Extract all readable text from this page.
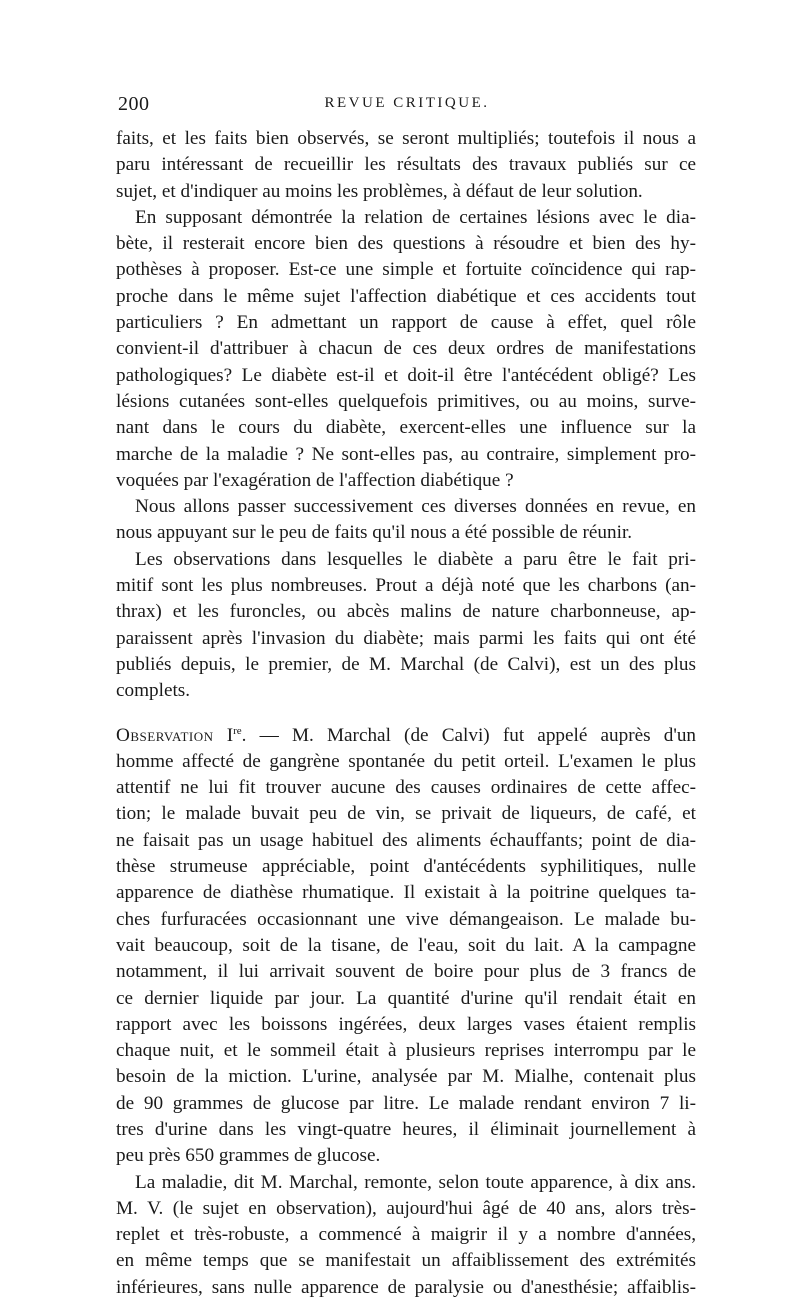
200	REVUE CRITIQUE.
faits, et les faits bien observés, se seront multipliés; toutefois il nous a
paru intéressant de recueillir les résultats des travaux publiés sur ce
sujet, et d'indiquer au moins les problèmes, à défaut de leur solution.
En supposant démontrée la relation de certaines lésions avec le dia-
bète, il resterait encore bien des questions à résoudre et bien des hy-
pothèses à proposer. Est-ce une simple et fortuite coïncidence qui rap-
proche dans le même sujet l'affection diabétique et ces accidents tout
particuliers ? En admettant un rapport de cause à effet, quel rôle
convient-il d'attribuer à chacun de ces deux ordres de manifestations
pathologiques? Le diabète est-il et doit-il être l'antécédent obligé? Les
lésions cutanées sont-elles quelquefois primitives, ou au moins, surve-
nant dans le cours du diabète, exercent-elles une influence sur la
marche de la maladie ? Ne sont-elles pas, au contraire, simplement pro-
voquées par l'exagération de l'affection diabétique ?
Nous allons passer successivement ces diverses données en revue, en
nous appuyant sur le peu de faits qu'il nous a été possible de réunir.
Les observations dans lesquelles le diabète a paru être le fait pri-
mitif sont les plus nombreuses. Prout a déjà noté que les charbons (an-
thrax) et les furoncles, ou abcès malins de nature charbonneuse, ap-
paraissent après l'invasion du diabète; mais parmi les faits qui ont été
publiés depuis, le premier, de M. Marchal (de Calvi), est un des plus
complets.
Observation Ire. — M. Marchal (de Calvi) fut appelé auprès d'un
homme affecté de gangrène spontanée du petit orteil. L'examen le plus
attentif ne lui fit trouver aucune des causes ordinaires de cette affec-
tion; le malade buvait peu de vin, se privait de liqueurs, de café, et
ne faisait pas un usage habituel des aliments échauffants; point de dia-
thèse strumeuse appréciable, point d'antécédents syphilitiques, nulle
apparence de diathèse rhumatique. Il existait à la poitrine quelques ta-
ches furfuracées occasionnant une vive démangeaison. Le malade bu-
vait beaucoup, soit de la tisane, de l'eau, soit du lait. A la campagne
notamment, il lui arrivait souvent de boire pour plus de 3 francs de
ce dernier liquide par jour. La quantité d'urine qu'il rendait était en
rapport avec les boissons ingérées, deux larges vases étaient remplis
chaque nuit, et le sommeil était à plusieurs reprises interrompu par le
besoin de la miction. L'urine, analysée par M. Mialhe, contenait plus
de 90 grammes de glucose par litre. Le malade rendant environ 7 li-
tres d'urine dans les vingt-quatre heures, il éliminait journellement à
peu près 650 grammes de glucose.
La maladie, dit M. Marchal, remonte, selon toute apparence, à dix ans.
M. V. (le sujet en observation), aujourd'hui âgé de 40 ans, alors très-
replet et très-robuste, a commencé à maigrir il y a nombre d'années,
en même temps que se manifestait un affaiblissement des extrémités
inférieures, sans nulle apparence de paralysie ou d'anesthésie; affaiblis-
